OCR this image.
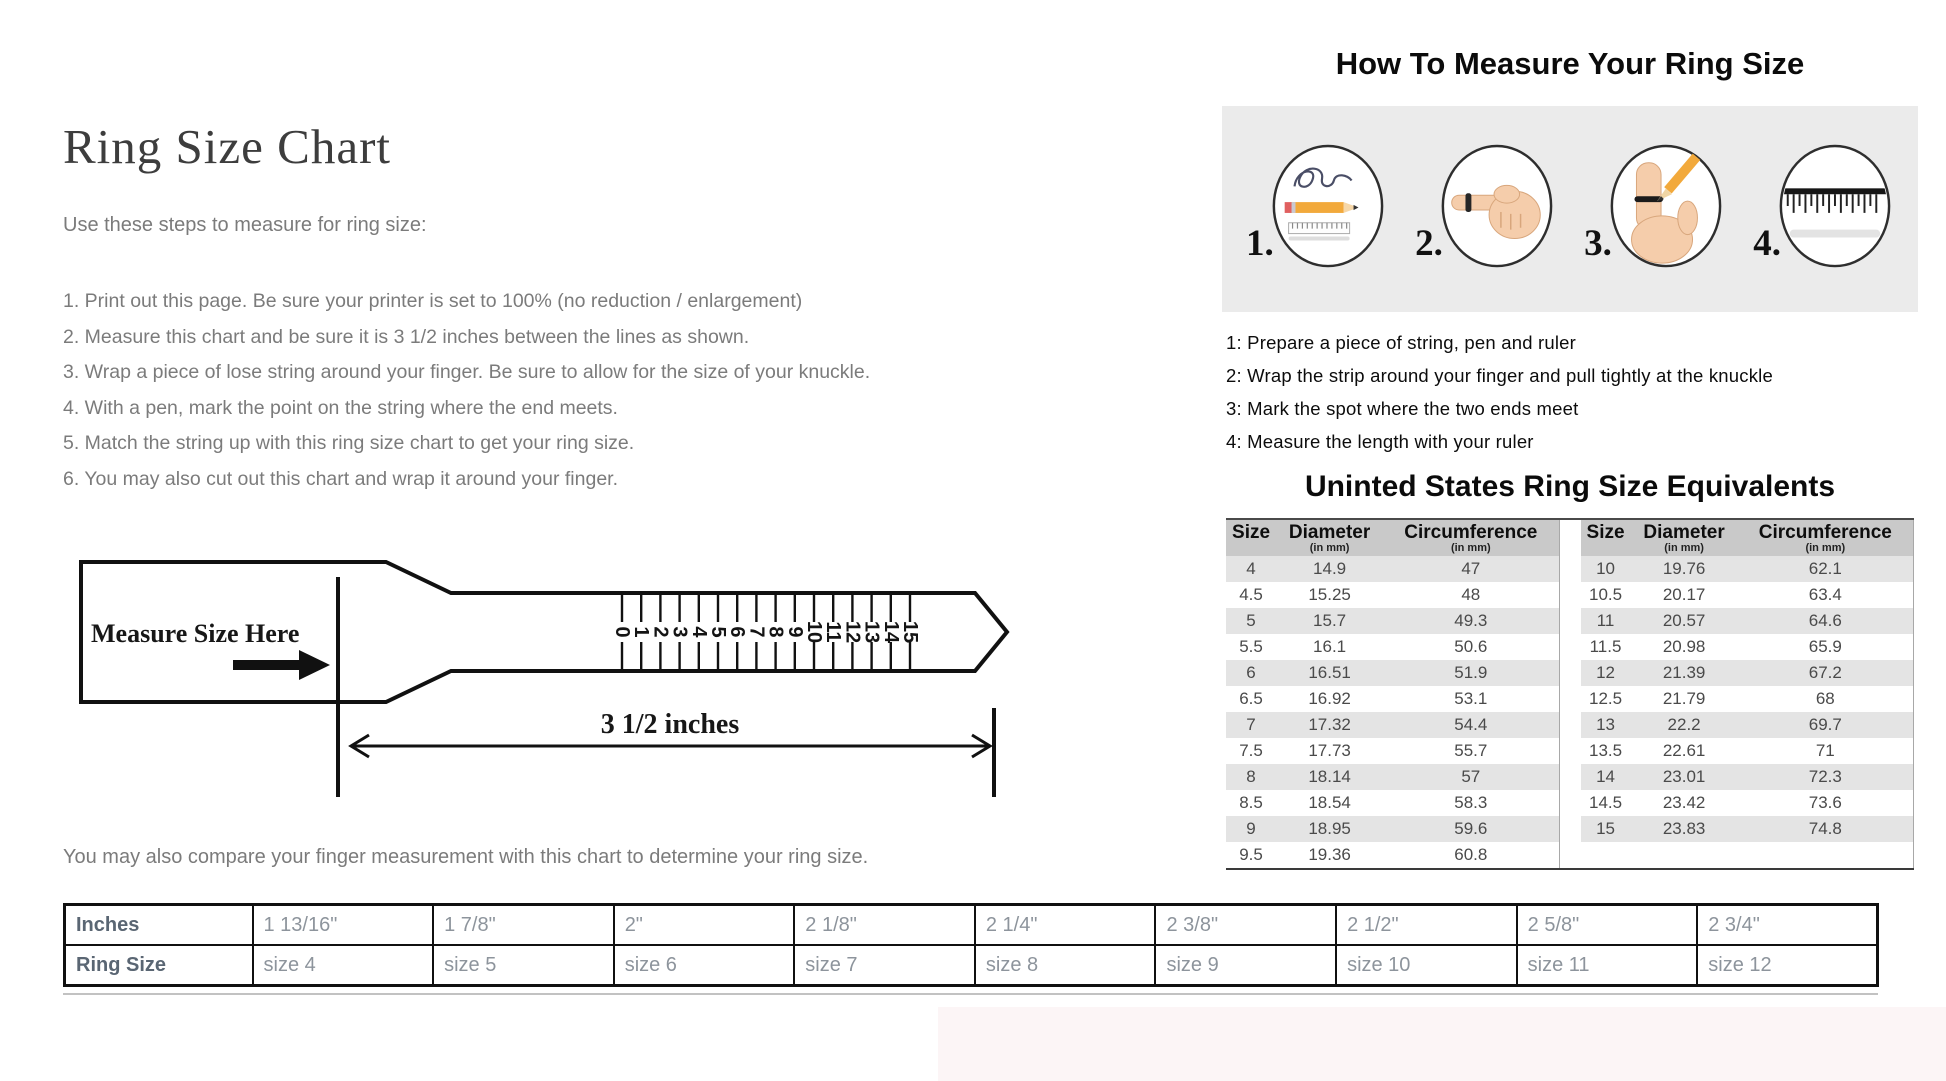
Ring Size Chart

Use these steps to measure for ring size:

1. Print out this page. Be sure your printer is set to 100% (no reduction / enlargement)
2. Measure this chart and be sure it is 3 1/2 inches between the lines as shown.
3. Wrap a piece of lose string around your finger. Be sure to allow for the size of your knuckle.
4. With a pen, mark the point on the string where the end meets.
5. Match the string up with this ring size chart to get your ring size.
6. You may also cut out this chart and wrap it around your finger.
Measure Size Here	0
1
2
3
4
5
6
7
8
9
10
11
12
13
14
15
3 1/2 inches

You may also compare your finger measurement with this chart to determine your ring size.

How To Measure Your Ring Size
1.	2.	3.	4.
1: Prepare a piece of string, pen and ruler
2: Wrap the strip around your finger and pull tightly at the knuckle
3: Mark the spot where the two ends meet
4: Measure the length with your ruler
Uninted States Ring Size Equivalents
Size	Diameter
(in mm)

Circumference
(in mm)

4	14.9	47
4.5	15.25	48
5	15.7	49.3
5.5	16.1	50.6
6	16.51	51.9
6.5	16.92	53.1
7	17.32	54.4
7.5	17.73	55.7
8	18.14	57
8.5	18.54	58.3
9	18.95	59.6
9.5	19.36	60.8
Size	Diameter
(in mm)

Circumference
(in mm)

10	19.76	62.1
10.5	20.17	63.4
11	20.57	64.6
11.5	20.98	65.9
12	21.39	67.2
12.5	21.79	68
13	22.2	69.7
13.5	22.61	71
14	23.01	72.3
14.5	23.42	73.6
15	23.83	74.8

Inches	1 13/16"	1 7/8"	2"	2 1/8"	2 1/4"	2 3/8"	2 1/2"	2 5/8"	2 3/4"
Ring Size	size 4	size 5	size 6	size 7	size 8	size 9	size 10	size 11	size 12
